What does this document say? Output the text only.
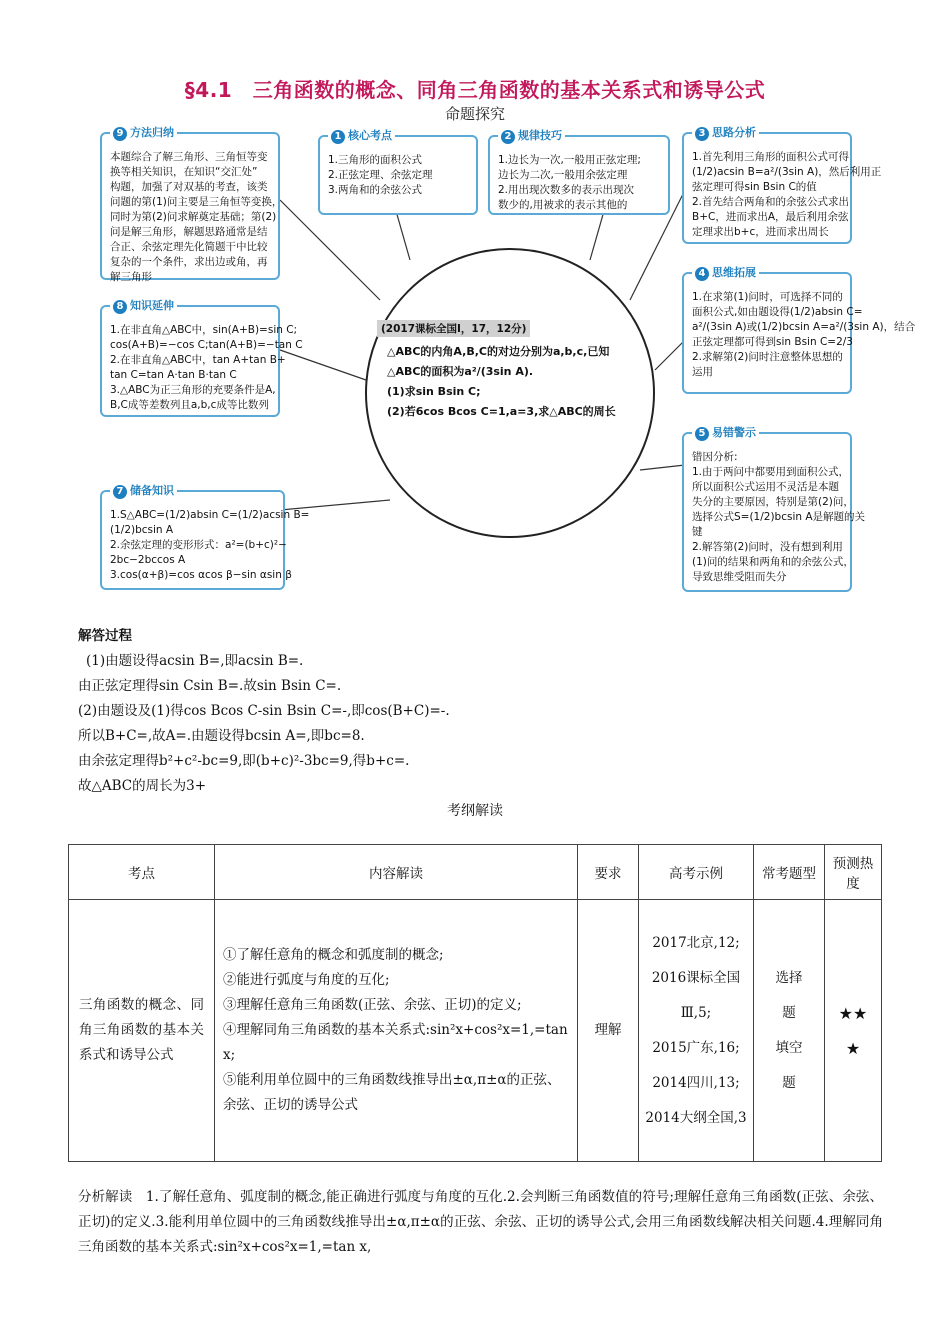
§4.1　三角函数的概念、同角三角函数的基本关系式和诱导公式
命题探究
9 方法归纳
本题综合了解三角形、三角恒等变
换等相关知识，在知识“交汇处”
构题，加强了对双基的考查，该类
问题的第(1)问主要是三角恒等变换，
同时为第(2)问求解奠定基础；第(2)
问是解三角形，解题思路通常是结
合正、余弦定理先化简题干中比较
复杂的一个条件，求出边或角，再
解三角形
1 核心考点
1.三角形的面积公式
2.正弦定理、余弦定理
3.两角和的余弦公式
2 规律技巧
1.边长为一次,一般用正弦定理;
边长为二次,一般用余弦定理
2.用出现次数多的表示出现次
数少的,用被求的表示其他的
3 思路分析
1.首先利用三角形的面积公式可得
(1/2)acsin B=a²/(3sin A)，然后利用正
弦定理可得sin Bsin C的值
2.首先结合两角和的余弦公式求出
B+C，进而求出A，最后利用余弦
定理求出b+c，进而求出周长
4 思维拓展
1.在求第(1)问时，可选择不同的
面积公式,如由题设得(1/2)absin C=
a²/(3sin A)或(1/2)bcsin A=a²/(3sin A)，结合
正弦定理都可得到sin Bsin C=2/3
2.求解第(2)问时注意整体思想的
运用
5 易错警示
错因分析:
1.由于两问中都要用到面积公式，
所以面积公式运用不灵活是本题
失分的主要原因，特别是第(2)问，
选择公式S=(1/2)bcsin A是解题的关
键
2.解答第(2)问时，没有想到利用
(1)问的结果和两角和的余弦公式，
导致思维受阻而失分
8 知识延伸
1.在非直角△ABC中，sin(A+B)=sin C;
cos(A+B)=−cos C;tan(A+B)=−tan C
2.在非直角△ABC中，tan A+tan B+
tan C=tan A·tan B·tan C
3.△ABC为正三角形的充要条件是A,
B,C成等差数列且a,b,c成等比数列
7 储备知识
1.S△ABC=(1/2)absin C=(1/2)acsin B=
(1/2)bcsin A
2.余弦定理的变形形式：a²=(b+c)²−
2bc−2bccos A
3.cos(α+β)=cos αcos β−sin αsin β
(2017课标全国Ⅰ，17，12分)
△ABC的内角A,B,C的对边分别为a,b,c,已知
△ABC的面积为a²/(3sin A).
(1)求sin Bsin C;
(2)若6cos Bcos C=1,a=3,求△ABC的周长
解答过程
(1)由题设得acsin B=,即acsin B=.
由正弦定理得sin Csin B=.故sin Bsin C=.
(2)由题设及(1)得cos Bcos C-sin Bsin C=-,即cos(B+C)=-.
所以B+C=,故A=.由题设得bcsin A=,即bc=8.
由余弦定理得b²+c²-bc=9,即(b+c)²-3bc=9,得b+c=.
故△ABC的周长为3+
考纲解读
考点	内容解读	要求	高考示例	常考题型	预测热度
三角函数的概念、同角三角函数的基本关系式和诱导公式	①了解任意角的概念和弧度制的概念;
②能进行弧度与角度的互化;
③理解任意角三角函数(正弦、余弦、正切)的定义;
④理解同角三角函数的基本关系式:sin²x+cos²x=1,=tan x;
⑤能利用单位圆中的三角函数线推导出±α,π±α的正弦、余弦、正切的诱导公式	理解	2017北京,12;
2016课标全国Ⅲ,5;
2015广东,16;
2014四川,13;
2014大纲全国,3	选择
题
填空
题	★★
★
分析解读　1.了解任意角、弧度制的概念,能正确进行弧度与角度的互化.2.会判断三角函数值的符号;理解任意角三角函数(正弦、余弦、正切)的定义.3.能利用单位圆中的三角函数线推导出±α,π±α的正弦、余弦、正切的诱导公式,会用三角函数线解决相关问题.4.理解同角三角函数的基本关系式:sin²x+cos²x=1,=tan x,
